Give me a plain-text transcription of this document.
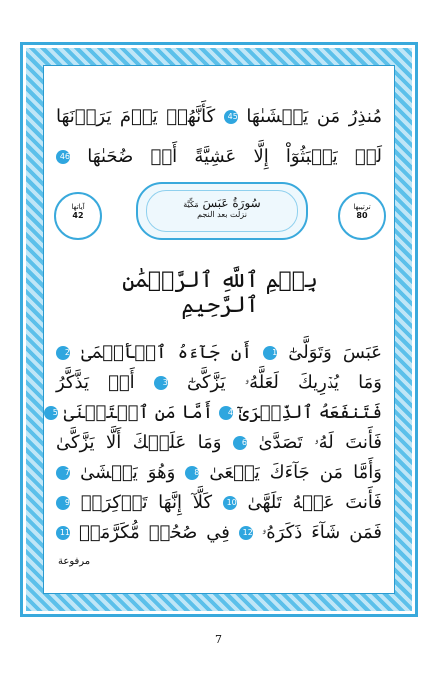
مُنذِرُ مَن يَخۡشَىٰهَا 45 كَأَنَّهُمۡ يَوۡمَ يَرَوۡنَهَا
لَمۡ يَلۡبَثُوٓاْ إِلَّا عَشِيَّةً أَوۡ ضُحَىٰهَا 46
ترتيبها
80
سُورَةُ عَبَسَ مَكِّيَّة
نزلت بعد النجم
آياتها
42
بِسۡمِ ٱللَّهِ ٱلرَّحۡمَٰنِ ٱلرَّحِيمِ
عَبَسَ وَتَوَلَّىٰٓ 1 أَن جَآءَهُ ٱلۡأَعۡمَىٰ 2
وَمَا يُدۡرِيكَ لَعَلَّهُۥ يَزَّكَّىٰٓ 3 أَوۡ يَذَّكَّرُ
فَتَنفَعَهُ ٱلذِّكۡرَىٰٓ 4 أَمَّا مَنِ ٱسۡتَغۡنَىٰ 5
فَأَنتَ لَهُۥ تَصَدَّىٰ 6 وَمَا عَلَيۡكَ أَلَّا يَزَّكَّىٰ
وَأَمَّا مَن جَآءَكَ يَسۡعَىٰ 8 وَهُوَ يَخۡشَىٰ 7
فَأَنتَ عَنۡهُ تَلَهَّىٰ 10 كَلَّآ إِنَّهَا تَذۡكِرَةٞ 9
فَمَن شَآءَ ذَكَرَهُۥ 12 فِي صُحُفٖ مُّكَرَّمَةٖ 11
مرفوعة
7
